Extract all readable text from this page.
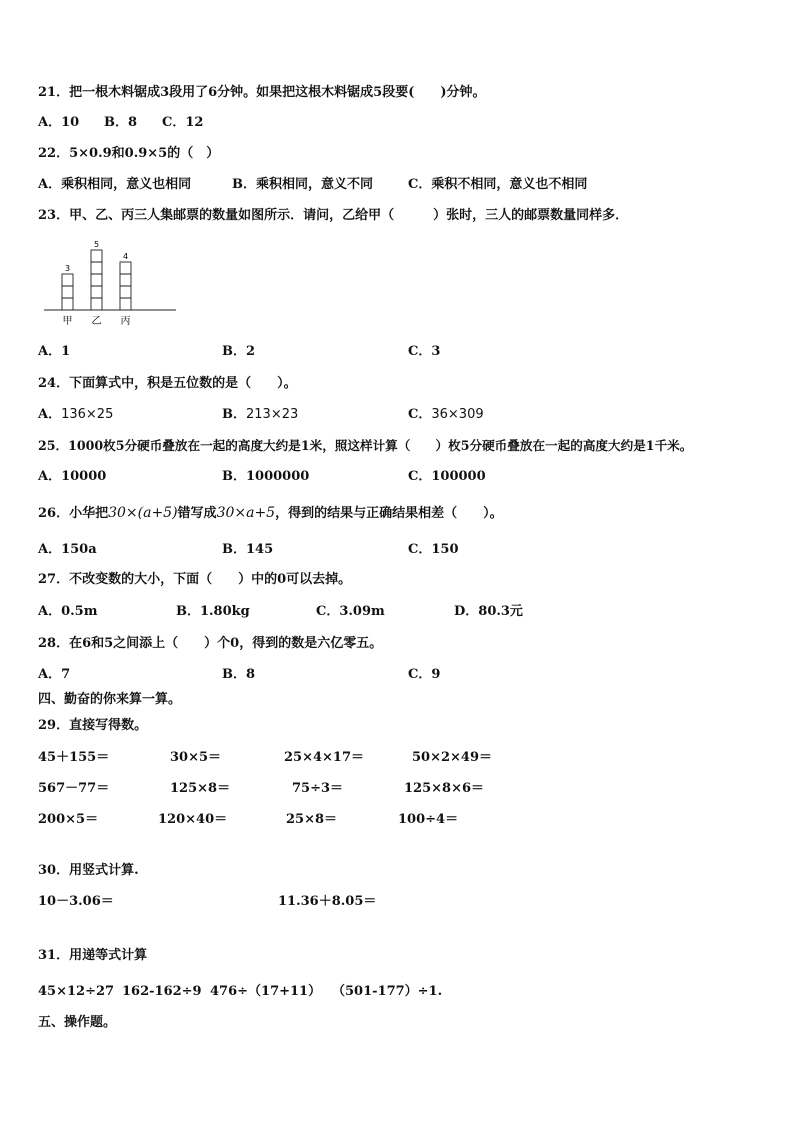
21．把一根木料锯成3段用了6分钟。如果把这根木料锯成5段要(　　)分钟。
A．10 B．8 C．12
22．5×0.9和0.9×5的（　）
A．乘积相同，意义也相同	B．乘积相同，意义不同	C．乘积不相同，意义也不相同
23．甲、乙、丙三人集邮票的数量如图所示．请问，乙给甲（　　　）张时，三人的邮票数量同样多．
3
甲
5
乙
4
丙
A．1	B．2	C．3
24．下面算式中，积是五位数的是（　　）。
A．136×25	B．213×23	C．36×309
25．1000枚5分硬币叠放在一起的高度大约是1米，照这样计算（　　）枚5分硬币叠放在一起的高度大约是1千米。
A．10000	B．1000000	C．100000
26．小华把30×(a+5)错写成30×a+5，得到的结果与正确结果相差（　　）。
A．150a	B．145	C．150
27．不改变数的大小，下面（　　）中的0可以去掉。
A．0.5m	B．1.80kg	C．3.09m	D．80.3元
28．在6和5之间添上（　　）个0，得到的数是六亿零五。
A．7	B．8	C．9
四、勤奋的你来算一算。
29．直接写得数。
45＋155＝	30×5＝	25×4×17＝	50×2×49＝
567－77＝	125×8＝	75÷3＝	125×8×6＝
200×5＝	120×40＝	25×8＝	100÷4＝
30．用竖式计算.
10－3.06＝	11.36＋8.05＝
31．用递等式计算
45×12÷27 162-162÷9 476÷（17+11） （501-177）÷1.
五、操作题。
